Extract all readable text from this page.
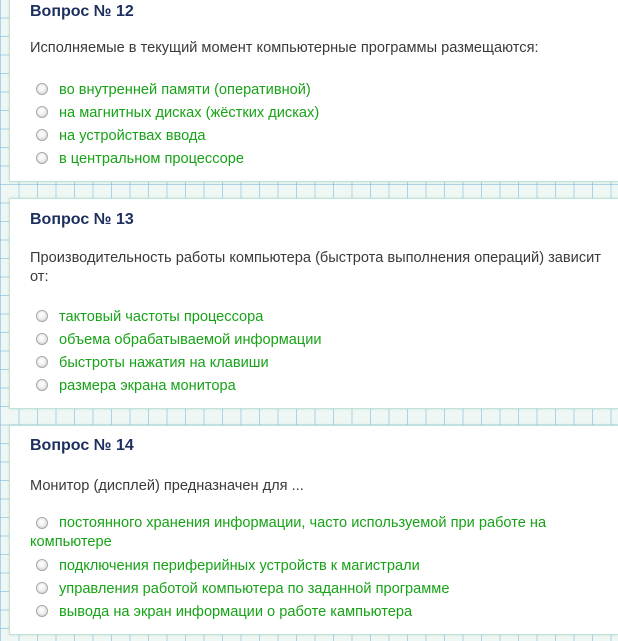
Вопрос № 12

Исполняемые в текущий момент компьютерные программы размещаются:

во внутренней памяти (оперативной)
на магнитных дисках (жёстких дисках)
на устройствах ввода
в центральном процессоре
Вопрос № 13

Производительность работы компьютера (быстрота выполнения операций) зависит от:

тактовый частоты процессора
объема обрабатываемой информации
быстроты нажатия на клавиши
размера экрана монитора
Вопрос № 14

Монитор (дисплей) предназначен для ...

постоянного хранения информации, часто используемой при работе на компьютере
подключения периферийных устройств к магистрали
управления работой компьютера по заданной программе
вывода на экран информации о работе кампьютера
